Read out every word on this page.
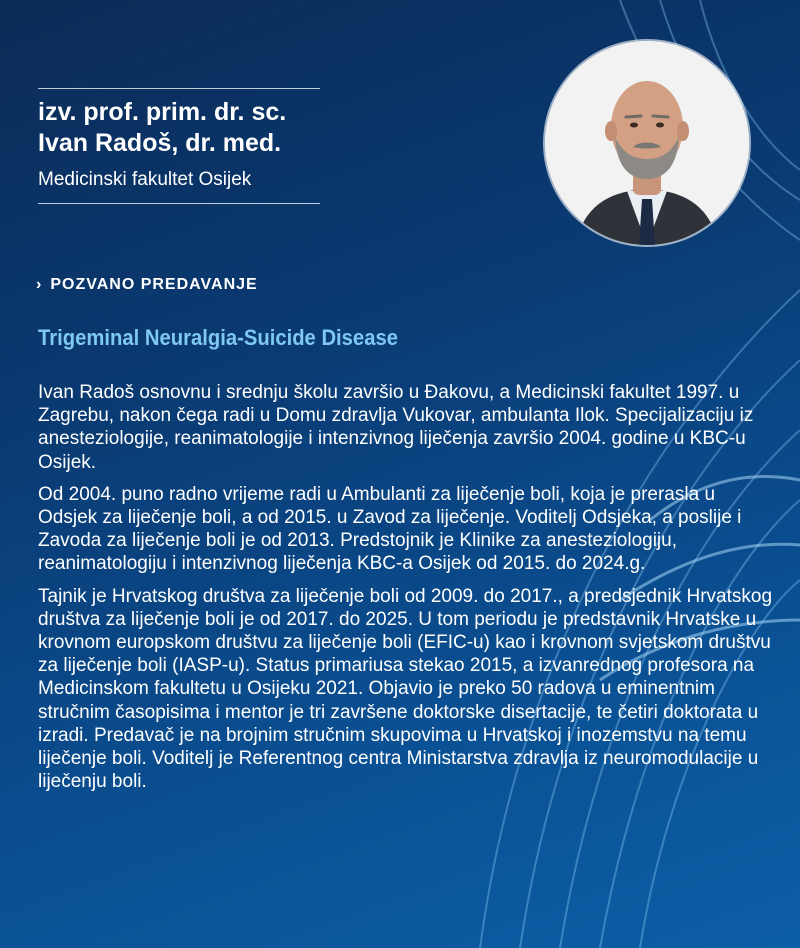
izv. prof. prim. dr. sc.
Ivan Radoš, dr. med.

Medicinski fakultet Osijek

› POZVANO PREDAVANJE
Trigeminal Neuralgia-Suicide Disease

Ivan Radoš osnovnu i srednju školu završio u Đakovu, a Medicinski fakultet 1997. u Zagrebu, nakon čega radi u Domu zdravlja Vukovar, ambulanta Ilok. Specijalizaciju iz anesteziologije, reanimatologije i intenzivnog liječenja završio 2004. godine u KBC-u Osijek.

Od 2004. puno radno vrijeme radi u Ambulanti za liječenje boli, koja je prerasla u Odsjek za liječenje boli, a od 2015. u Zavod za liječenje. Voditelj Odsjeka, a poslije i Zavoda za liječenje boli je od 2013. Predstojnik je Klinike za anesteziologiju, reanimatologiju i intenzivnog liječenja KBC-a Osijek od 2015. do 2024.g.

Tajnik je Hrvatskog društva za liječenje boli od 2009. do 2017., a predsjednik Hrvatskog društva za liječenje boli je od 2017. do 2025. U tom periodu je predstavnik Hrvatske u krovnom europskom društvu za liječenje boli (EFIC-u) kao i krovnom svjetskom društvu za liječenje boli (IASP-u). Status primariusa stekao 2015, a izvanrednog profesora na Medicinskom fakultetu u Osijeku 2021. Objavio je preko 50 radova u eminentnim stručnim časopisima i mentor je tri završene doktorske disertacije, te četiri doktorata u izradi. Predavač je na brojnim stručnim skupovima u Hrvatskoj i inozemstvu na temu liječenje boli. Voditelj je Referentnog centra Ministarstva zdravlja iz neuromodulacije u liječenju boli.
